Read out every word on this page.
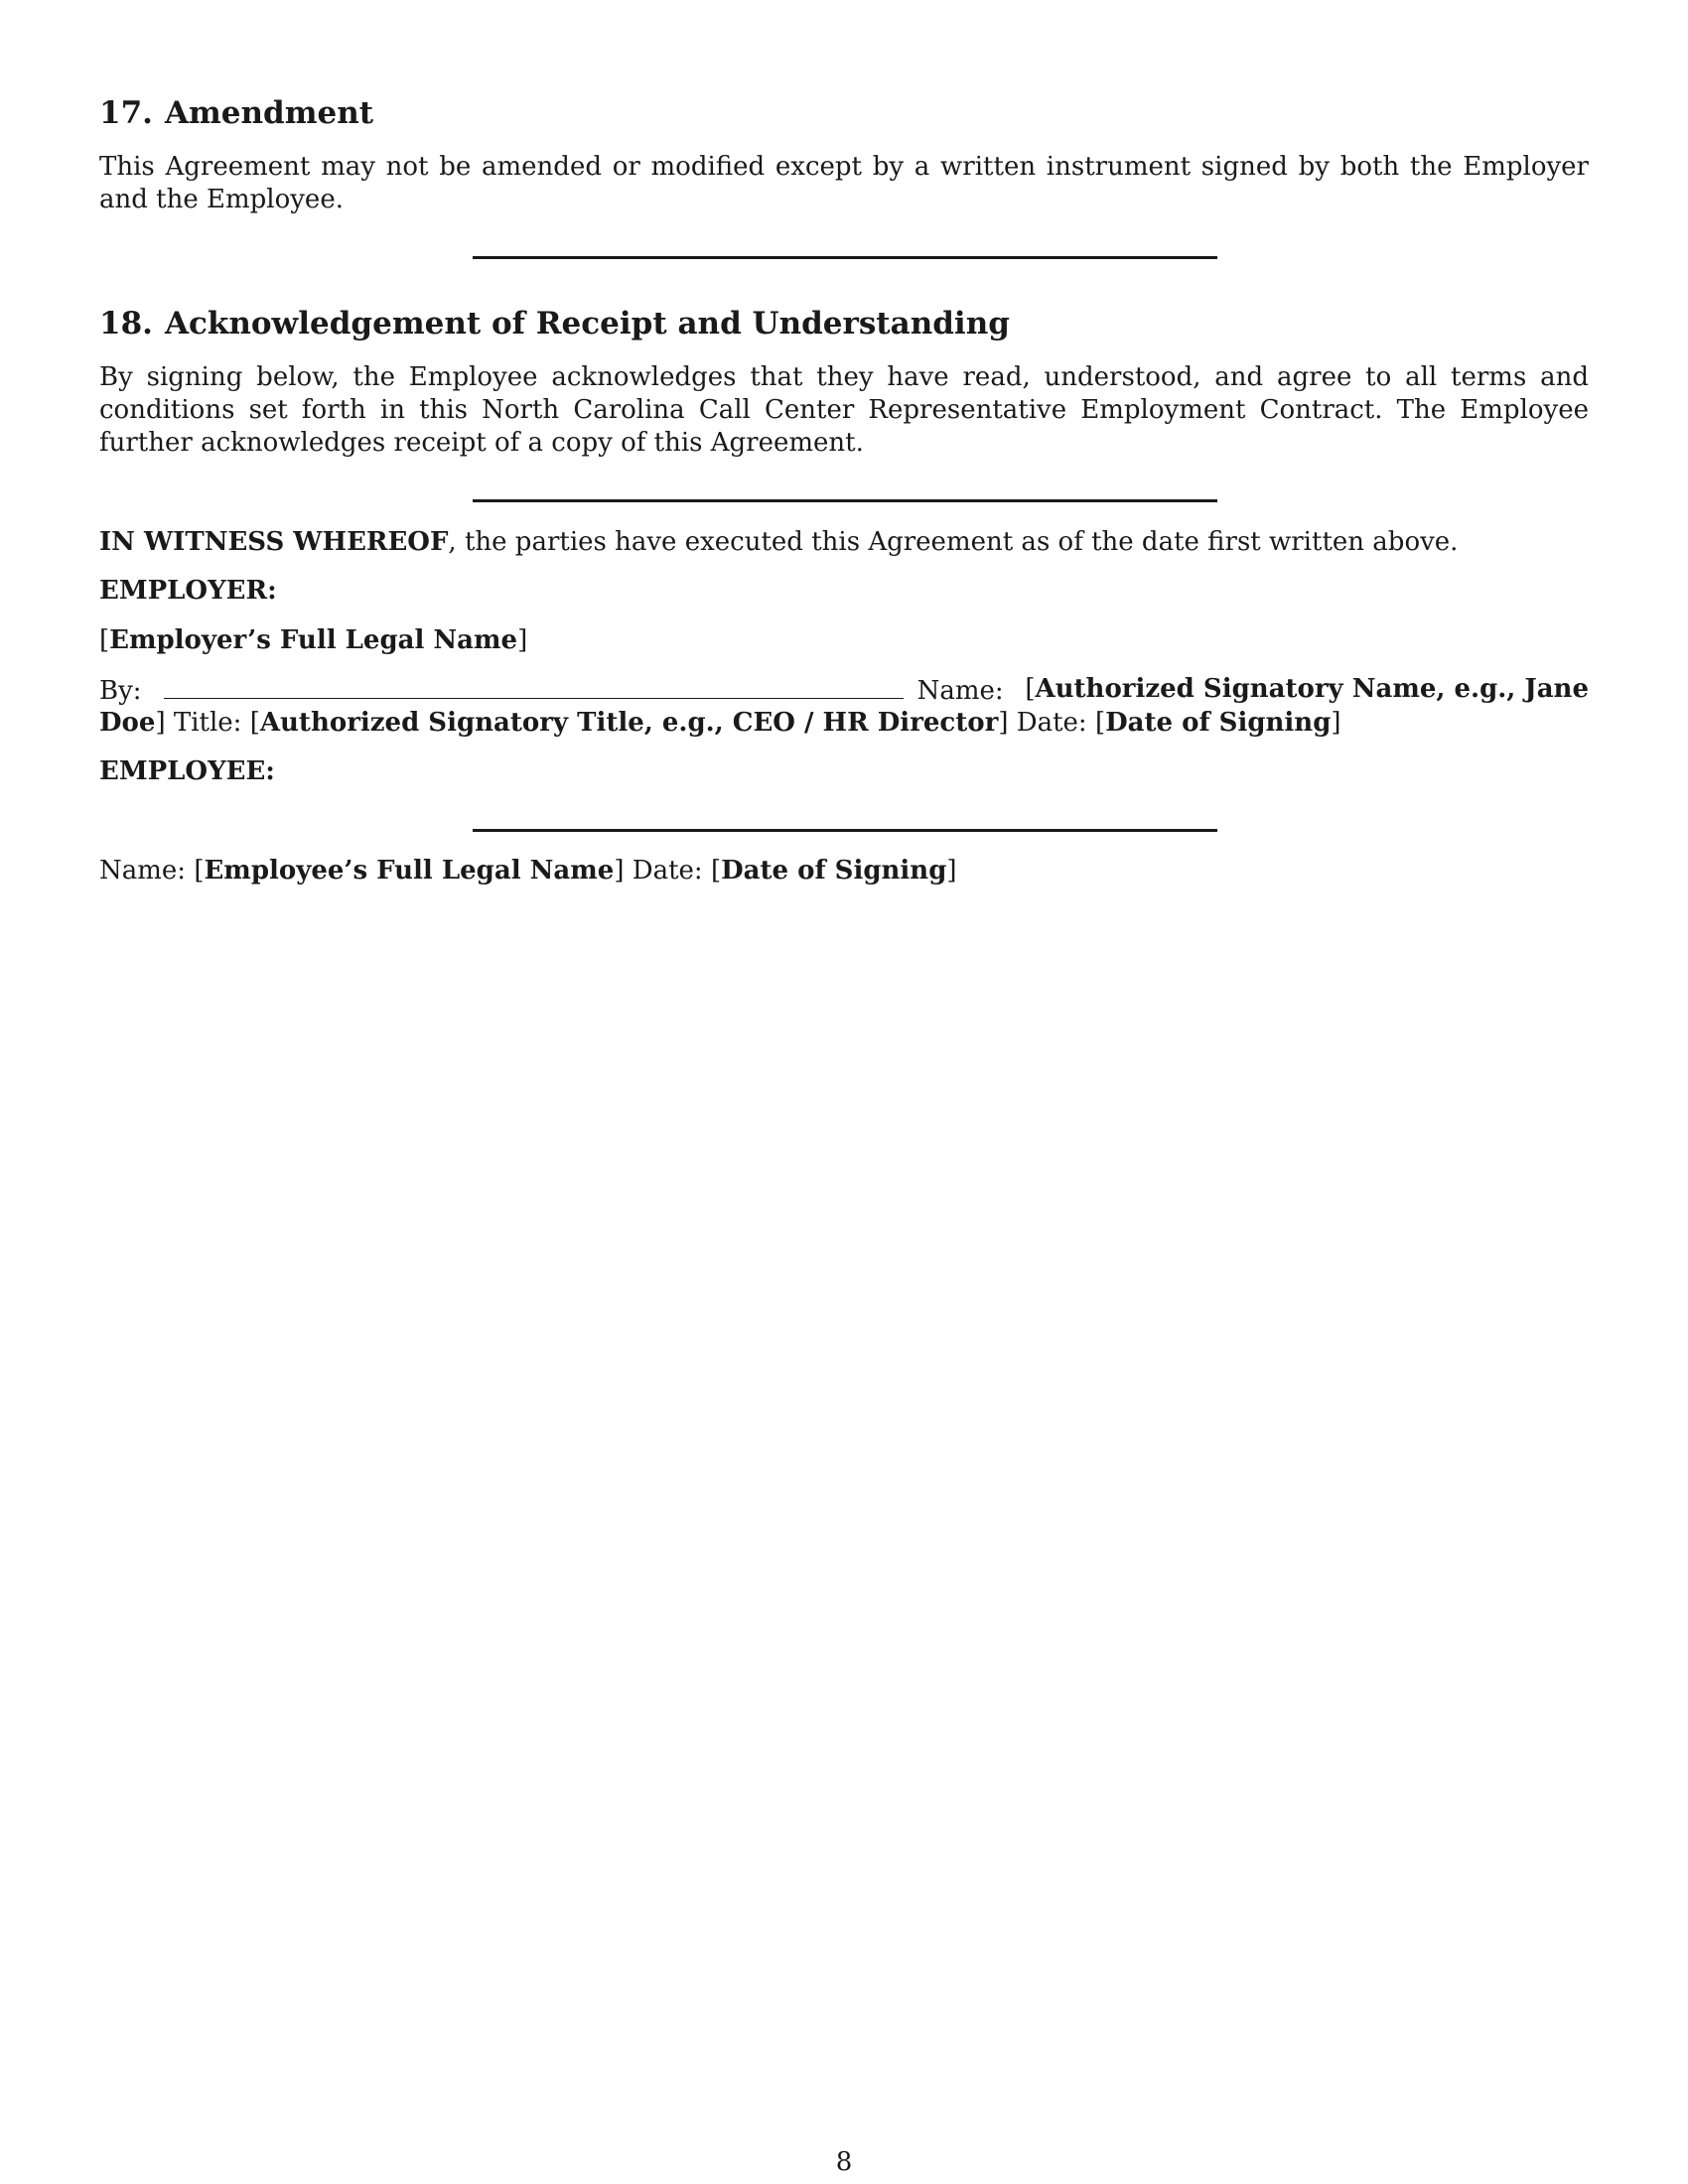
17. Amendment

This Agreement may not be amended or modified except by a written instrument signed by both the Employer and the Employee.

18. Acknowledgement of Receipt and Understanding

By signing below, the Employee acknowledges that they have read, understood, and agree to all terms and conditions set forth in this North Carolina Call Center Representative Employment Contract. The Employee further acknowledges receipt of a copy of this Agreement.

IN WITNESS WHEREOF, the parties have executed this Agreement as of the date first written above.
EMPLOYER:
[Employer’s Full Legal Name]
By:	Name: [Authorized Signatory Name, e.g., Jane
Doe] Title: [Authorized Signatory Title, e.g., CEO / HR Director] Date: [Date of Signing]
EMPLOYEE:
Name: [Employee’s Full Legal Name] Date: [Date of Signing]
8
